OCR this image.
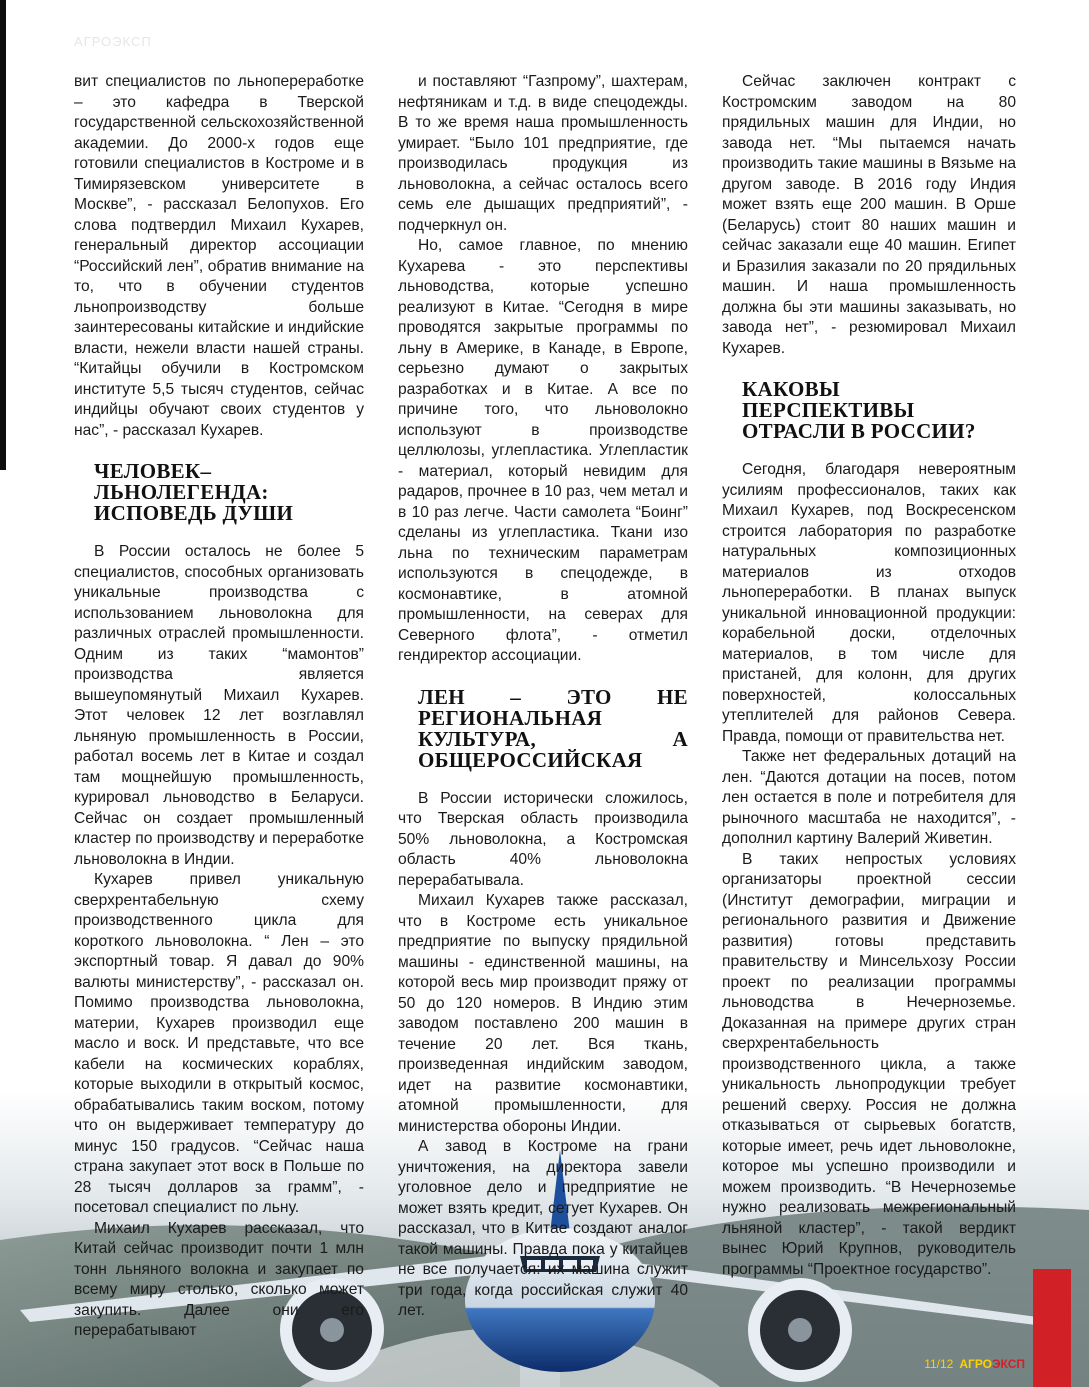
АГРОЭКСП

вит специалистов по льнопереработке – это кафедра в Тверской государственной сельскохозяйственной академии. До 2000-х годов еще готовили специалистов в Костроме и в Тимирязевском университете в Москве”, - рассказал Белопухов. Его слова подтвердил Михаил Кухарев, генеральный директор ассоциации “Российский лен”, обратив внимание на то, что в обучении студентов льнопроизводству больше заинтересованы китайские и индийские власти, нежели власти нашей страны. “Китайцы обучили в Костромском институте 5,5 тысяч студентов, сейчас индийцы обучают своих студентов у нас”, - рассказал Кухарев.

ЧЕЛОВЕК–ЛЬНОЛЕГЕНДА: ИСПОВЕДЬ ДУШИ

В России осталось не более 5 специалистов, способных организовать уникальные производства с использованием льноволокна для различных отраслей промышленности. Одним из таких “мамонтов” производства является вышеупомянутый Михаил Кухарев. Этот человек 12 лет возглавлял льняную промышленность в России, работал восемь лет в Китае и создал там мощнейшую промышленность, курировал льноводство в Беларуси. Сейчас он создает промышленный кластер по производству и переработке льноволокна в Индии.

Кухарев привел уникальную сверхрентабельную схему производственного цикла для короткого льноволокна. “ Лен – это экспортный товар. Я давал до 90% валюты министерству”, - рассказал он. Помимо производства льноволокна, материи, Кухарев производил еще масло и воск. И представьте, что все кабели на космических кораблях, которые выходили в открытый космос, обрабатывались таким воском, потому что он выдерживает температуру до минус 150 градусов. “Сейчас наша страна закупает этот воск в Польше по 28 тысяч долларов за грамм”, - посетовал специалист по льну.

Михаил Кухарев рассказал, что Китай сейчас производит почти 1 млн тонн льняного волокна и закупает по всему миру столько, сколько может закупить. Далее они его перерабатывают

и поставляют “Газпрому”, шахтерам, нефтяникам и т.д. в виде спецодежды. В то же время наша промышленность умирает. “Было 101 предприятие, где производилась продукция из льноволокна, а сейчас осталось всего семь еле дышащих предприятий”, - подчеркнул он.

Но, самое главное, по мнению Кухарева - это перспективы льноводства, которые успешно реализуют в Китае. “Сегодня в мире проводятся закрытые программы по льну в Америке, в Канаде, в Европе, серьезно думают о закрытых разработках и в Китае. А все по причине того, что льноволокно используют в производстве целлюлозы, углепластика. Углепластик - материал, который невидим для радаров, прочнее в 10 раз, чем метал и в 10 раз легче. Части самолета “Боинг” сделаны из углепластика. Ткани изо льна по техническим параметрам используются в спецодежде, в космонавтике, в атомной промышленности, на северах для Северного флота”, - отметил гендиректор ассоциации.

ЛЕН – ЭТО НЕ РЕГИОНАЛЬНАЯ КУЛЬТУРА, А ОБЩЕРОССИЙСКАЯ

В России исторически сложилось, что Тверская область производила 50% льноволокна, а Костромская область 40% льноволокна перерабатывала.

Михаил Кухарев также рассказал, что в Костроме есть уникальное предприятие по выпуску прядильной машины - единственной машины, на которой весь мир производит пряжу от 50 до 120 номеров. В Индию этим заводом поставлено 200 машин в течение 20 лет. Вся ткань, произведенная индийским заводом, идет на развитие космонавтики, атомной промышленности, для министерства обороны Индии.

А завод в Костроме на грани уничтожения, на директора завели уголовное дело и предприятие не может взять кредит, сетует Кухарев. Он рассказал, что в Китае создают аналог такой машины. Правда пока у китайцев не все получается: их машина служит три года, когда российская служит 40 лет.

Сейчас заключен контракт с Костромским заводом на 80 прядильных машин для Индии, но завода нет. “Мы пытаемся начать производить такие машины в Вязьме на другом заводе. В 2016 году Индия может взять еще 200 машин. В Орше (Беларусь) стоит 80 наших машин и сейчас заказали еще 40 машин. Египет и Бразилия заказали по 20 прядильных машин. И наша промышленность должна бы эти машины заказывать, но завода нет”, - резюмировал Михаил Кухарев.

КАКОВЫ ПЕРСПЕКТИВЫ ОТРАСЛИ В РОССИИ?

Сегодня, благодаря невероятным усилиям профессионалов, таких как Михаил Кухарев, под Воскресенском строится лаборатория по разработке натуральных композиционных материалов из отходов льнопереработки. В планах выпуск уникальной инновационной продукции: корабельной доски, отделочных материалов, в том числе для пристаней, для колонн, для других поверхностей, колоссальных утеплителей для районов Севера. Правда, помощи от правительства нет.

Также нет федеральных дотаций на лен. “Даются дотации на посев, потом лен остается в поле и потребителя для рыночного масштаба не находится”, - дополнил картину Валерий Живетин.

В таких непростых условиях организаторы проектной сессии (Институт демографии, миграции и регионального развития и Движение развития) готовы представить правительству и Минсельхозу России проект по реализации программы льноводства в Нечерноземье. Доказанная на примере других стран сверхрентабельность производственного цикла, а также уникальность льнопродукции требует решений сверху. Россия не должна отказываться от сырьевых богатств, которые имеет, речь идет льноволокне, которое мы успешно производили и можем производить. “В Нечерноземье нужно реализовать межрегиональный льняной кластер”, - такой вердикт вынес Юрий Крупнов, руководитель программы “Проектное государство”.

11/12 АГРОЭКСП
